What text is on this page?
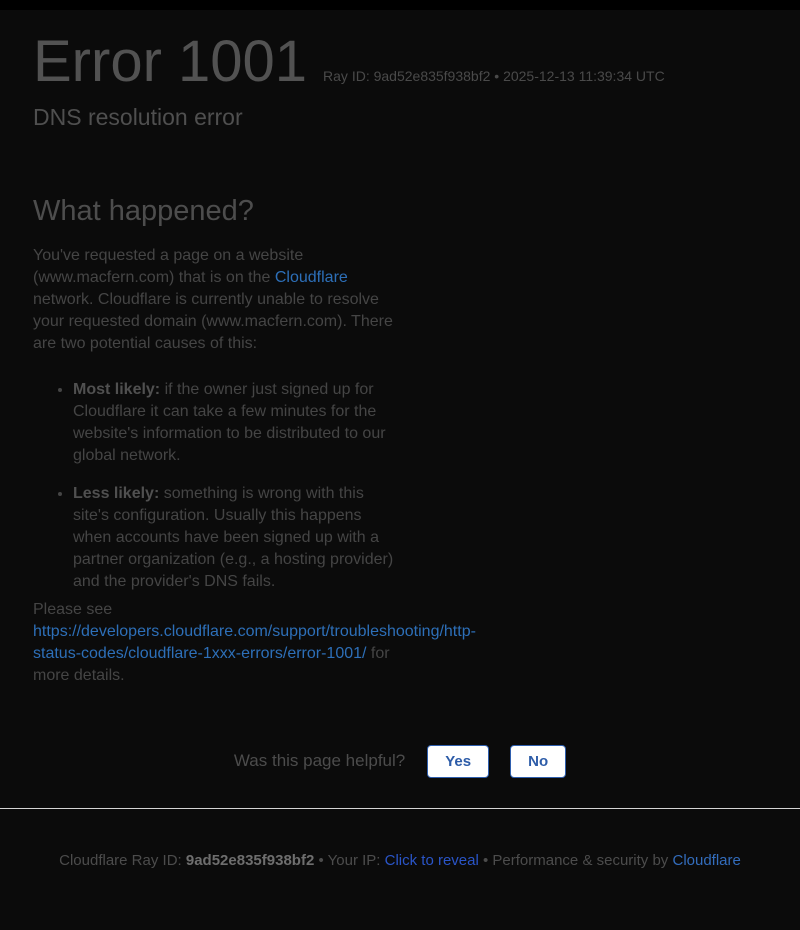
Error 1001 Ray ID: 9ad52e835f938bf2 • 2025-12-13 11:39:34 UTC
DNS resolution error
What happened?

You've requested a page on a website (www.macfern.com) that is on the Cloudflare network. Cloudflare is currently unable to resolve your requested domain (www.macfern.com). There are two potential causes of this:

• Most likely: if the owner just signed up for Cloudflare it can take a few minutes for the website's information to be distributed to our global network.
• Less likely: something is wrong with this site's configuration. Usually this happens when accounts have been signed up with a partner organization (e.g., a hosting provider) and the provider's DNS fails.

Please see https://developers.cloudflare.com/support/troubleshooting/http-status-codes/cloudflare-1xxx-errors/error-1001/ for more details.

Was this page helpful?	Yes	No
Cloudflare Ray ID: 9ad52e835f938bf2 • Your IP: Click to reveal • Performance & security by Cloudflare
